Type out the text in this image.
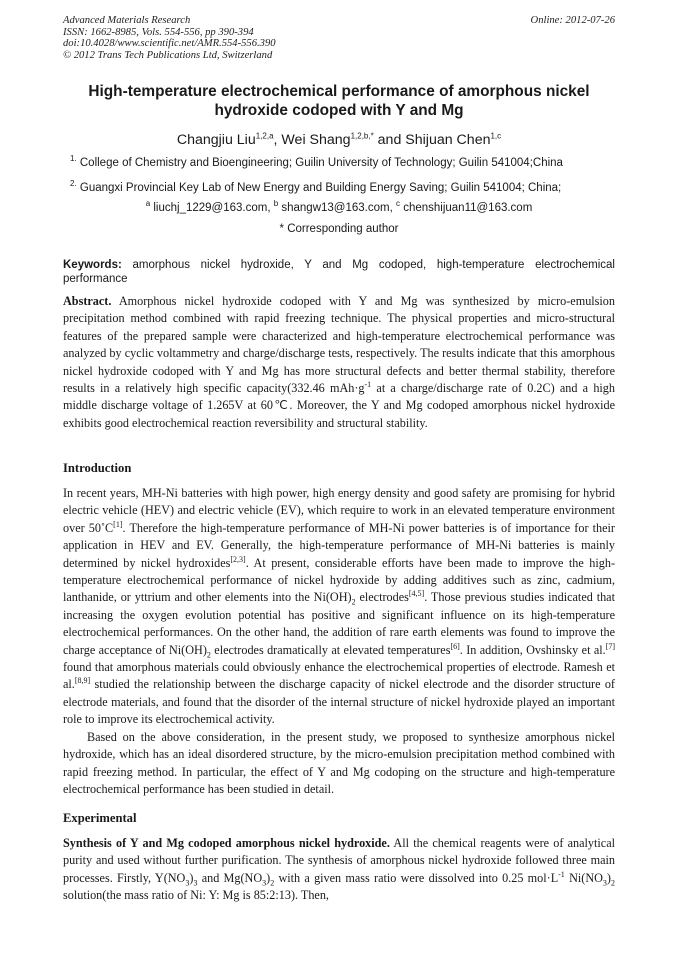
Advanced Materials Research
ISSN: 1662-8985, Vols. 554-556, pp 390-394
doi:10.4028/www.scientific.net/AMR.554-556.390
© 2012 Trans Tech Publications Ltd, Switzerland
Online: 2012-07-26
High-temperature electrochemical performance of amorphous nickel hydroxide codoped with Y and Mg
Changjiu Liu$^{1,2,a}$, Wei Shang$^{1,2,b,*}$ and Shijuan Chen$^{1,c}$
$^{1.}$ College of Chemistry and Bioengineering; Guilin University of Technology; Guilin 541004;China
$^{2.}$ Guangxi Provincial Key Lab of New Energy and Building Energy Saving; Guilin 541004; China;
$^a$ liuchj_1229@163.com, $^b$ shangw13@163.com, $^c$ chenshijuan11@163.com
* Corresponding author
Keywords: amorphous nickel hydroxide, Y and Mg codoped, high-temperature electrochemical performance
Abstract. Amorphous nickel hydroxide codoped with Y and Mg was synthesized by micro-emulsion precipitation method combined with rapid freezing technique. The physical properties and micro-structural features of the prepared sample were characterized and high-temperature electrochemical performance was analyzed by cyclic voltammetry and charge/discharge tests, respectively. The results indicate that this amorphous nickel hydroxide codoped with Y and Mg has more structural defects and better thermal stability, therefore results in a relatively high specific capacity(332.46 $mAh\cdot g^{-1}$ at a charge/discharge rate of 0.2C) and a high middle discharge voltage of 1.265V at 60℃. Moreover, the Y and Mg codoped amorphous nickel hydroxide exhibits good electrochemical reaction reversibility and structural stability.
Introduction
In recent years, MH-Ni batteries with high power, high energy density and good safety are promising for hybrid electric vehicle (HEV) and electric vehicle (EV), which require to work in an elevated temperature environment over 50˚C[1]. Therefore the high-temperature performance of MH-Ni power batteries is of importance for their application in HEV and EV. Generally, the high-temperature performance of MH-Ni batteries is mainly determined by nickel hydroxides[2,3]. At present, considerable efforts have been made to improve the high-temperature electrochemical performance of nickel hydroxide by adding additives such as zinc, cadmium, lanthanide, or yttrium and other elements into the $Ni(OH)_2$ electrodes[4,5]. Those previous studies indicated that increasing the oxygen evolution potential has positive and significant influence on its high-temperature electrochemical performances. On the other hand, the addition of rare earth elements was found to improve the charge acceptance of $Ni(OH)_2$ electrodes dramatically at elevated temperatures[6]. In addition, Ovshinsky et al.[7] found that amorphous materials could obviously enhance the electrochemical properties of electrode. Ramesh et al.[8,9] studied the relationship between the discharge capacity of nickel electrode and the disorder structure of electrode materials, and found that the disorder of the internal structure of nickel hydroxide played an important role to improve its electrochemical activity.
Based on the above consideration, in the present study, we proposed to synthesize amorphous nickel hydroxide, which has an ideal disordered structure, by the micro-emulsion precipitation method combined with rapid freezing method. In particular, the effect of Y and Mg codoping on the structure and high-temperature electrochemical performance has been studied in detail.
Experimental
Synthesis of Y and Mg codoped amorphous nickel hydroxide. All the chemical reagents were of analytical purity and used without further purification. The synthesis of amorphous nickel hydroxide followed three main processes. Firstly, $Y(NO_3)_3$ and $Mg(NO_3)_2$ with a given mass ratio were dissolved into 0.25 $mol\cdot L^{-1}$ $Ni(NO_3)_2$ solution(the mass ratio of Ni: Y: Mg is 85:2:13). Then,
